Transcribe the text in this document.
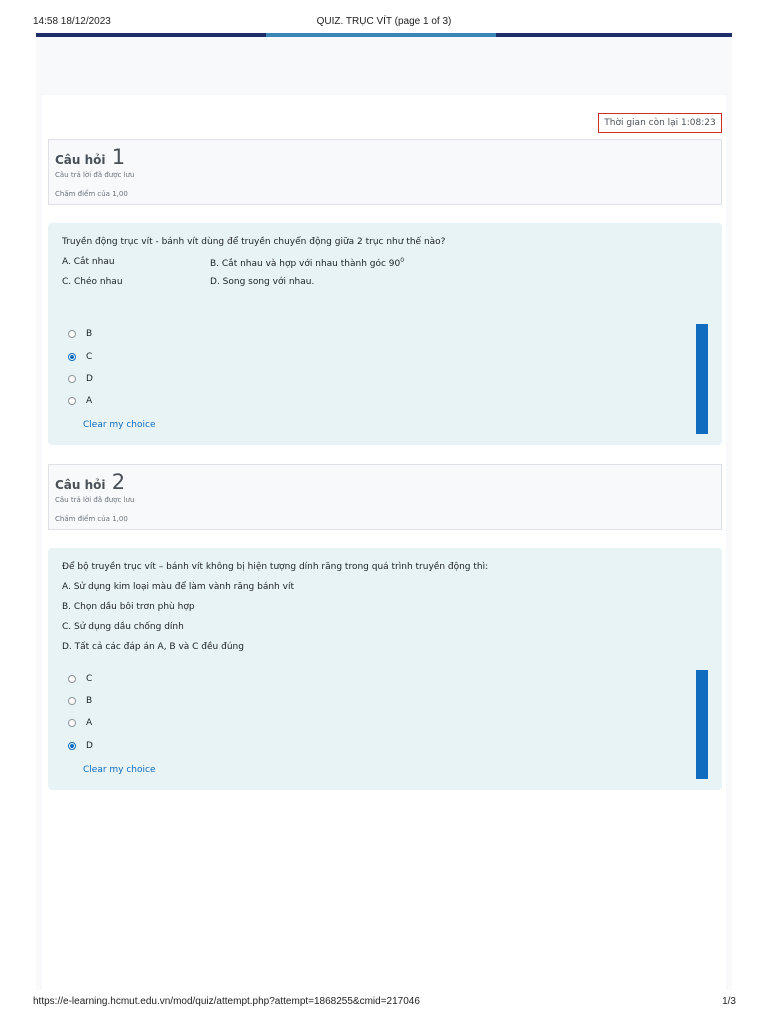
14:58 18/12/2023	QUIZ. TRỤC VÍT (page 1 of 3)
Thời gian còn lại 1:08:23
Câu hỏi 1
Câu trả lời đã được lưu
Chấm điểm của 1,00
Truyền động trục vít - bánh vít dùng để truyền chuyển động giữa 2 trục như thế nào?
A. Cắt nhau	B. Cắt nhau và hợp với nhau thành góc $90^0$
C. Chéo nhau	D. Song song với nhau.
B
C
D
A
Clear my choice
Câu hỏi 2
Câu trả lời đã được lưu
Chấm điểm của 1,00
Để bộ truyền trục vít – bánh vít không bị hiện tượng dính răng trong quá trình truyền động thì:
A. Sử dụng kim loại màu để làm vành răng bánh vít
B. Chọn dầu bôi trơn phù hợp
C. Sử dụng dầu chống dính
D. Tất cả các đáp án A, B và C đều đúng
C
B
A
D
Clear my choice
https://e-learning.hcmut.edu.vn/mod/quiz/attempt.php?attempt=1868255&cmid=217046	1/3
